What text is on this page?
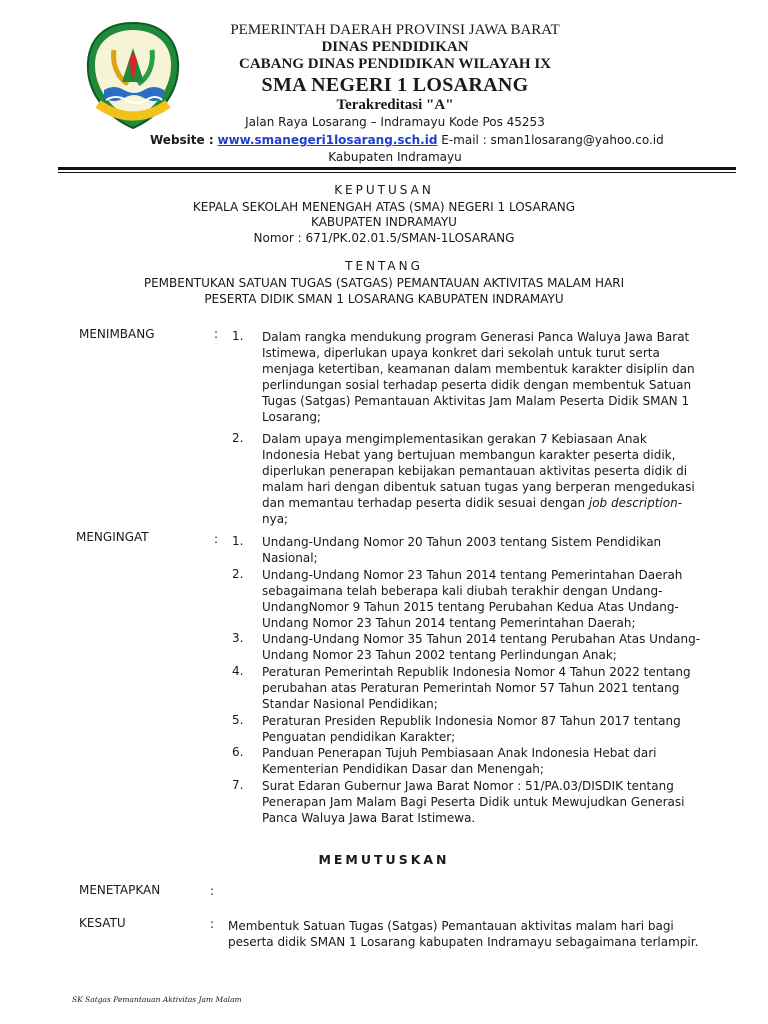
PEMERINTAH DAERAH PROVINSI JAWA BARAT
DINAS PENDIDIKAN
CABANG DINAS PENDIDIKAN WILAYAH IX
SMA NEGERI 1 LOSARANG
Terakreditasi "A"
Jalan Raya Losarang – Indramayu Kode Pos 45253
Website : www.smanegeri1losarang.sch.id E-mail : sman1losarang@yahoo.co.id
Kabupaten Indramayu
KEPUTUSAN
KEPALA SEKOLAH MENENGAH ATAS (SMA) NEGERI 1 LOSARANG
KABUPATEN INDRAMAYU
Nomor : 671/PK.02.01.5/SMAN-1LOSARANG
TENTANG
PEMBENTUKAN SATUAN TUGAS (SATGAS) PEMANTAUAN AKTIVITAS MALAM HARI
PESERTA DIDIK SMAN 1 LOSARANG KABUPATEN INDRAMAYU
MENIMBANG	: 1. Dalam rangka mendukung program Generasi Panca Waluya Jawa Barat
Istimewa, diperlukan upaya konkret dari sekolah untuk turut serta
menjaga ketertiban, keamanan dalam membentuk karakter disiplin dan
perlindungan sosial terhadap peserta didik dengan membentuk Satuan
Tugas (Satgas) Pemantauan Aktivitas Jam Malam Peserta Didik SMAN 1
Losarang;
2. Dalam upaya mengimplementasikan gerakan 7 Kebiasaan Anak
Indonesia Hebat yang bertujuan membangun karakter peserta didik,
diperlukan penerapan kebijakan pemantauan aktivitas peserta didik di
malam hari dengan dibentuk satuan tugas yang berperan mengedukasi
dan memantau terhadap peserta didik sesuai dengan job description-
nya;
MENGINGAT	: 1. Undang-Undang Nomor 20 Tahun 2003 tentang Sistem Pendidikan
Nasional;
2. Undang-Undang Nomor 23 Tahun 2014 tentang Pemerintahan Daerah
sebagaimana telah beberapa kali diubah terakhir dengan Undang-
UndangNomor 9 Tahun 2015 tentang Perubahan Kedua Atas Undang-
Undang Nomor 23 Tahun 2014 tentang Pemerintahan Daerah;
3. Undang-Undang Nomor 35 Tahun 2014 tentang Perubahan Atas Undang-
Undang Nomor 23 Tahun 2002 tentang Perlindungan Anak;
4. Peraturan Pemerintah Republik Indonesia Nomor 4 Tahun 2022 tentang
perubahan atas Peraturan Pemerintah Nomor 57 Tahun 2021 tentang
Standar Nasional Pendidikan;
5. Peraturan Presiden Republik Indonesia Nomor 87 Tahun 2017 tentang
Penguatan pendidikan Karakter;
6. Panduan Penerapan Tujuh Pembiasaan Anak Indonesia Hebat dari
Kementerian Pendidikan Dasar dan Menengah;
7. Surat Edaran Gubernur Jawa Barat Nomor : 51/PA.03/DISDIK tentang
Penerapan Jam Malam Bagi Peserta Didik untuk Mewujudkan Generasi
Panca Waluya Jawa Barat Istimewa.
MEMUTUSKAN
MENETAPKAN	:
KESATU	: Membentuk Satuan Tugas (Satgas) Pemantauan aktivitas malam hari bagi
peserta didik SMAN 1 Losarang kabupaten Indramayu sebagaimana terlampir.
SK Satgas Pemantauan Aktivitas Jam Malam
